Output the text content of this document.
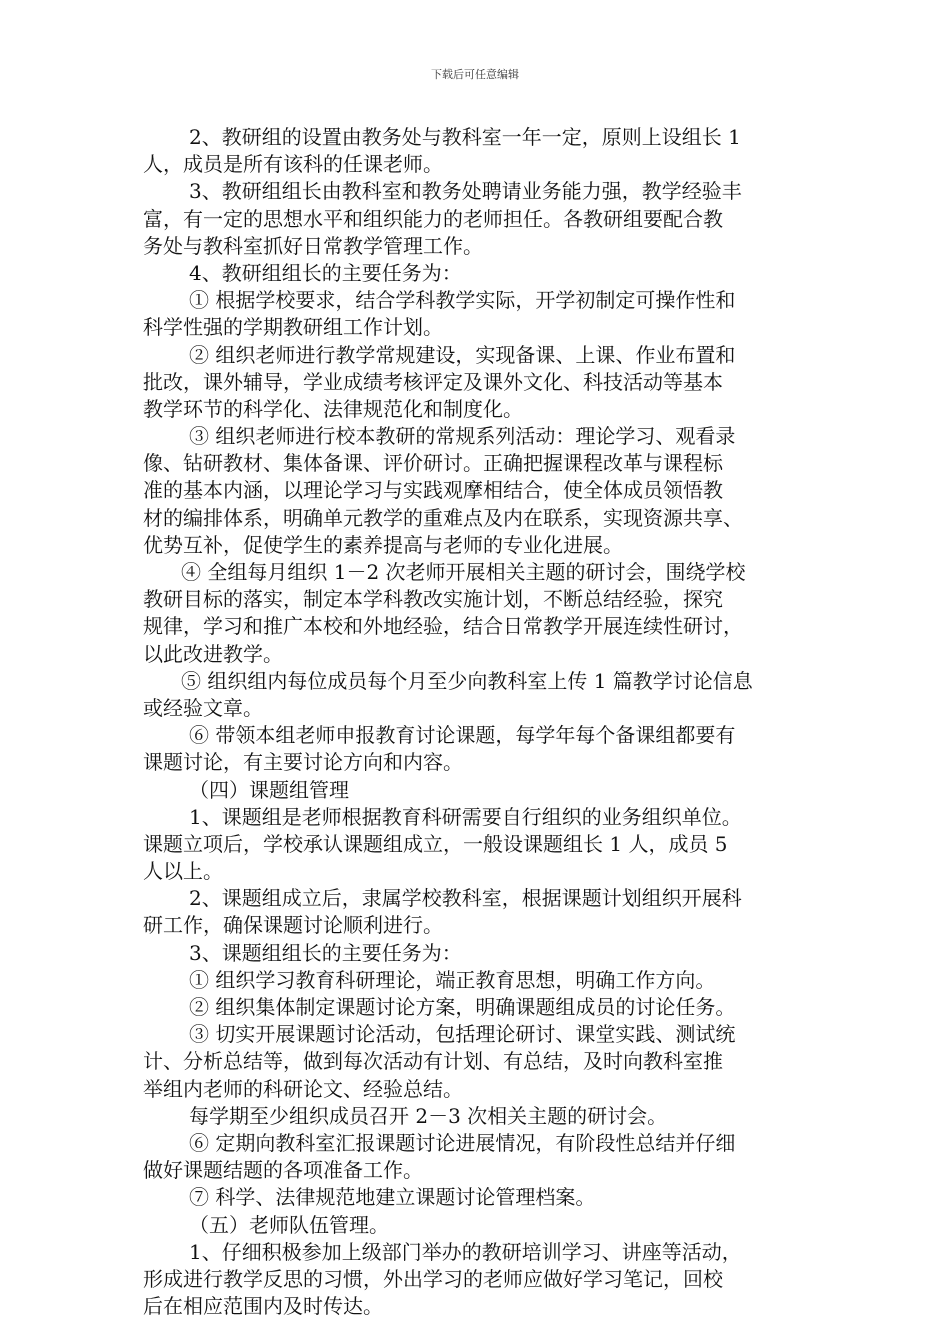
下载后可任意编辑
2、教研组的设置由教务处与教科室一年一定，原则上设组长 1
人，成员是所有该科的任课老师。
3、教研组组长由教科室和教务处聘请业务能力强，教学经验丰
富，有一定的思想水平和组织能力的老师担任。各教研组要配合教
务处与教科室抓好日常教学管理工作。
4、教研组组长的主要任务为：
① 根据学校要求，结合学科教学实际，开学初制定可操作性和
科学性强的学期教研组工作计划。
② 组织老师进行教学常规建设，实现备课、上课、作业布置和
批改，课外辅导，学业成绩考核评定及课外文化、科技活动等基本
教学环节的科学化、法律规范化和制度化。
③ 组织老师进行校本教研的常规系列活动：理论学习、观看录
像、钻研教材、集体备课、评价研讨。正确把握课程改革与课程标
准的基本内涵，以理论学习与实践观摩相结合，使全体成员领悟教
材的编排体系，明确单元教学的重难点及内在联系，实现资源共享、
优势互补，促使学生的素养提高与老师的专业化进展。
④ 全组每月组织 1－2 次老师开展相关主题的研讨会，围绕学校
教研目标的落实，制定本学科教改实施计划，不断总结经验，探究
规律，学习和推广本校和外地经验，结合日常教学开展连续性研讨，
以此改进教学。
⑤ 组织组内每位成员每个月至少向教科室上传 1 篇教学讨论信息
或经验文章。
⑥ 带领本组老师申报教育讨论课题，每学年每个备课组都要有
课题讨论，有主要讨论方向和内容。
（四）课题组管理
1、课题组是老师根据教育科研需要自行组织的业务组织单位。
课题立项后，学校承认课题组成立，一般设课题组长 1 人，成员 5
人以上。
2、课题组成立后，隶属学校教科室，根据课题计划组织开展科
研工作，确保课题讨论顺利进行。
3、课题组组长的主要任务为：
① 组织学习教育科研理论，端正教育思想，明确工作方向。
② 组织集体制定课题讨论方案，明确课题组成员的讨论任务。
③ 切实开展课题讨论活动，包括理论研讨、课堂实践、测试统
计、分析总结等，做到每次活动有计划、有总结，及时向教科室推
举组内老师的科研论文、经验总结。
每学期至少组织成员召开 2－3 次相关主题的研讨会。
⑥ 定期向教科室汇报课题讨论进展情况，有阶段性总结并仔细
做好课题结题的各项准备工作。
⑦ 科学、法律规范地建立课题讨论管理档案。
（五）老师队伍管理。
1、仔细积极参加上级部门举办的教研培训学习、讲座等活动，
形成进行教学反思的习惯，外出学习的老师应做好学习笔记，回校
后在相应范围内及时传达。
